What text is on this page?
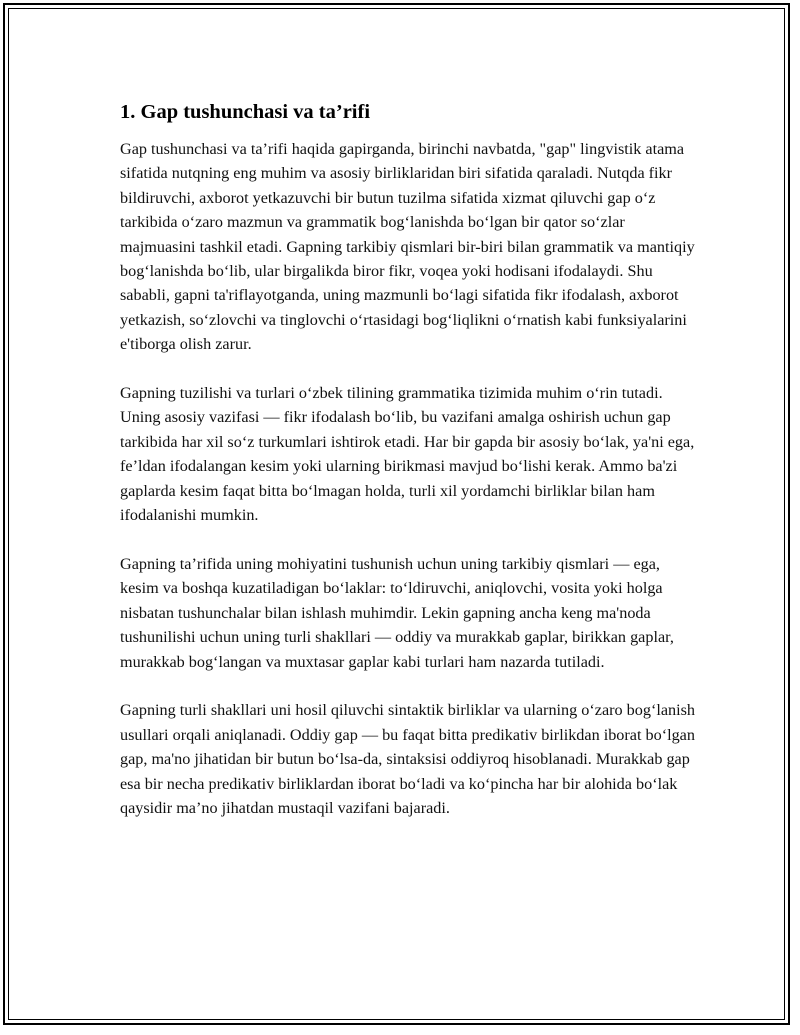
1. Gap tushunchasi va ta’rifi

Gap tushunchasi va ta’rifi haqida gapirganda, birinchi navbatda, "gap" lingvistik atama sifatida nutqning eng muhim va asosiy birliklaridan biri sifatida qaraladi. Nutqda fikr bildiruvchi, axborot yetkazuvchi bir butun tuzilma sifatida xizmat qiluvchi gap oʻz tarkibida oʻzaro mazmun va grammatik bogʻlanishda boʻlgan bir qator soʻzlar majmuasini tashkil etadi. Gapning tarkibiy qismlari bir-biri bilan grammatik va mantiqiy bogʻlanishda boʻlib, ular birgalikda biror fikr, voqea yoki hodisani ifodalaydi. Shu sababli, gapni ta'riflayotganda, uning mazmunli boʻlagi sifatida fikr ifodalash, axborot yetkazish, soʻzlovchi va tinglovchi oʻrtasidagi bogʻliqlikni oʻrnatish kabi funksiyalarini e'tiborga olish zarur.

Gapning tuzilishi va turlari oʻzbek tilining grammatika tizimida muhim oʻrin tutadi. Uning asosiy vazifasi — fikr ifodalash boʻlib, bu vazifani amalga oshirish uchun gap tarkibida har xil soʻz turkumlari ishtirok etadi. Har bir gapda bir asosiy boʻlak, ya'ni ega, fe’ldan ifodalangan kesim yoki ularning birikmasi mavjud boʻlishi kerak. Ammo ba'zi gaplarda kesim faqat bitta boʻlmagan holda, turli xil yordamchi birliklar bilan ham ifodalanishi mumkin.

Gapning ta’rifida uning mohiyatini tushunish uchun uning tarkibiy qismlari — ega, kesim va boshqa kuzatiladigan boʻlaklar: toʻldiruvchi, aniqlovchi, vosita yoki holga nisbatan tushunchalar bilan ishlash muhimdir. Lekin gapning ancha keng ma'noda tushunilishi uchun uning turli shakllari — oddiy va murakkab gaplar, birikkan gaplar, murakkab bogʻlangan va muxtasar gaplar kabi turlari ham nazarda tutiladi.

Gapning turli shakllari uni hosil qiluvchi sintaktik birliklar va ularning oʻzaro bogʻlanish usullari orqali aniqlanadi. Oddiy gap — bu faqat bitta predikativ birlikdan iborat boʻlgan gap, ma'no jihatidan bir butun boʻlsa-da, sintaksisi oddiyroq hisoblanadi. Murakkab gap esa bir necha predikativ birliklardan iborat boʻladi va koʻpincha har bir alohida boʻlak qaysidir ma’no jihatdan mustaqil vazifani bajaradi.
